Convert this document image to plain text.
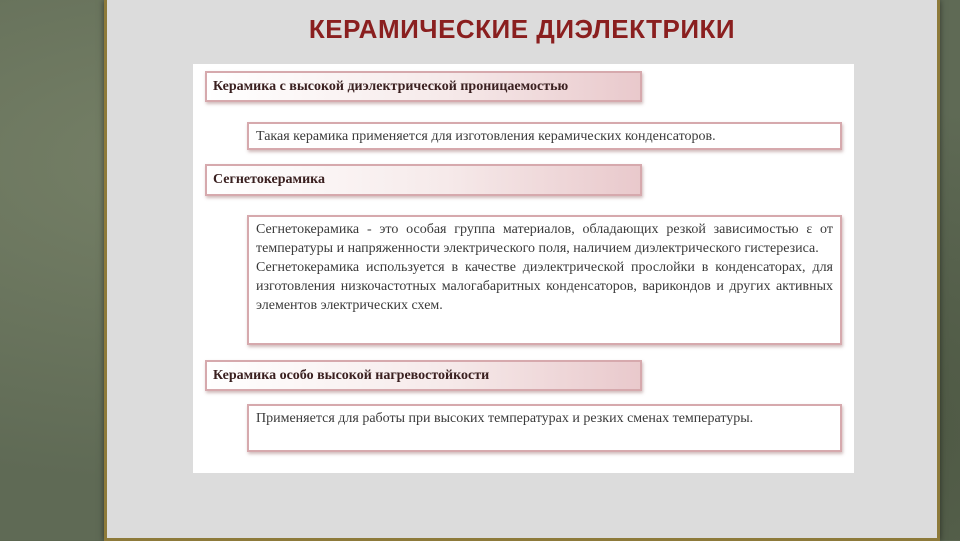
КЕРАМИЧЕСКИЕ ДИЭЛЕКТРИКИ
Керамика с высокой диэлектрической проницаемостью

Такая керамика применяется для изготовления керамических конденсаторов.

Сегнетокерамика

Сегнетокерамика - это особая группа материалов, обладающих резкой зависимостью ε от температуры и напряженности электрического поля, наличием диэлектрического гистерезиса.

Сегнетокерамика используется в качестве диэлектрической прослойки в конденсаторах, для изготовления низкочастотных малогабаритных конденсаторов, варикондов и других активных элементов электрических схем.

Керамика особо высокой нагревостойкости

Применяется для работы при высоких температурах и резких сменах температуры.
